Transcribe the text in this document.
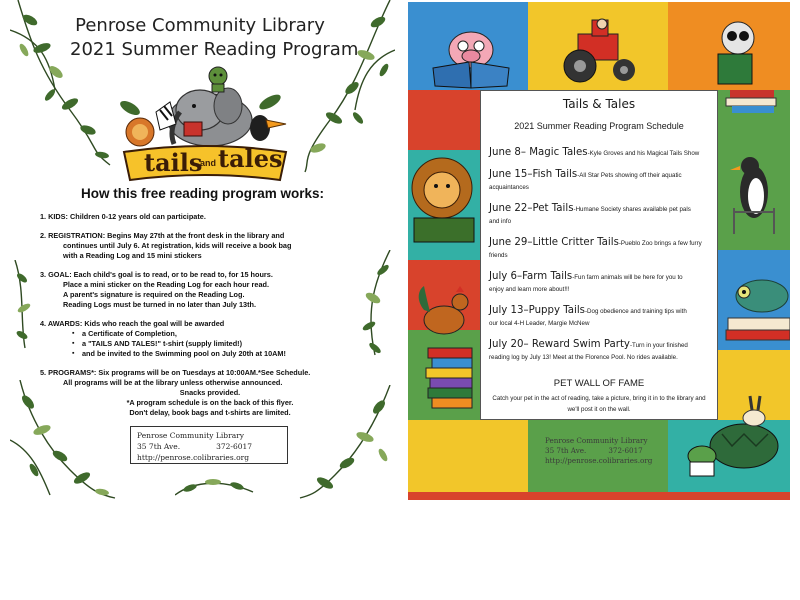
Penrose Community Library
2021 Summer Reading Program
tails
and tales
How this free reading program works:
1. KIDS: Children 0-12 years old can participate.
2. REGISTRATION: Begins May 27th at the front desk in the library and
continues until July 6. At registration, kids will receive a book bag
with a Reading Log and 15 mini stickers
3. GOAL: Each child's goal is to read, or to be read to, for 15 hours.
Place a mini sticker on the Reading Log for each hour read.
A parent's signature is required on the Reading Log.
Reading Logs must be turned in no later than July 13th.
4. AWARDS: Kids who reach the goal will be awarded
▪ a Certificate of Completion,
▪ a "TAILS AND TALES!" t-shirt (supply limited!)
▪ and be invited to the Swimming pool on July 20th at 10AM!
5. PROGRAMS*: Six programs will be on Tuesdays at 10:00AM.*See Schedule.
All programs will be at the library unless otherwise announced.
Snacks provided.
*A program schedule is on the back of this flyer.
Don't delay, book bags and t-shirts are limited.
Penrose Community Library
35 7th Ave.	372-6017
http://penrose.colibraries.org
Penrose Community Library
35 7th Ave.	372-6017
http://penrose.colibraries.org
Tails & Tales
2021 Summer Reading Program Schedule
June 8– Magic Tales-Kyle Groves and his Magical Tails Show
June 15–Fish Tails-All Star Pets showing off their aquatic
acquaintances
June 22–Pet Tails-Humane Society shares available pet pals
and info
June 29–Little Critter Tails-Pueblo Zoo brings a few furry
friends
July 6–Farm Tails-Fun farm animals will be here for you to
enjoy and learn more about!!!
July 13–Puppy Tails-Dog obedience and training tips with
our local 4-H Leader, Margie McNew
July 20– Reward Swim Party-Turn in your finished
reading log by July 13! Meet at the Florence Pool. No rides available.
PET WALL OF FAME
Catch your pet in the act of reading, take a picture, bring it in to the library and we'll post it on the wall.
